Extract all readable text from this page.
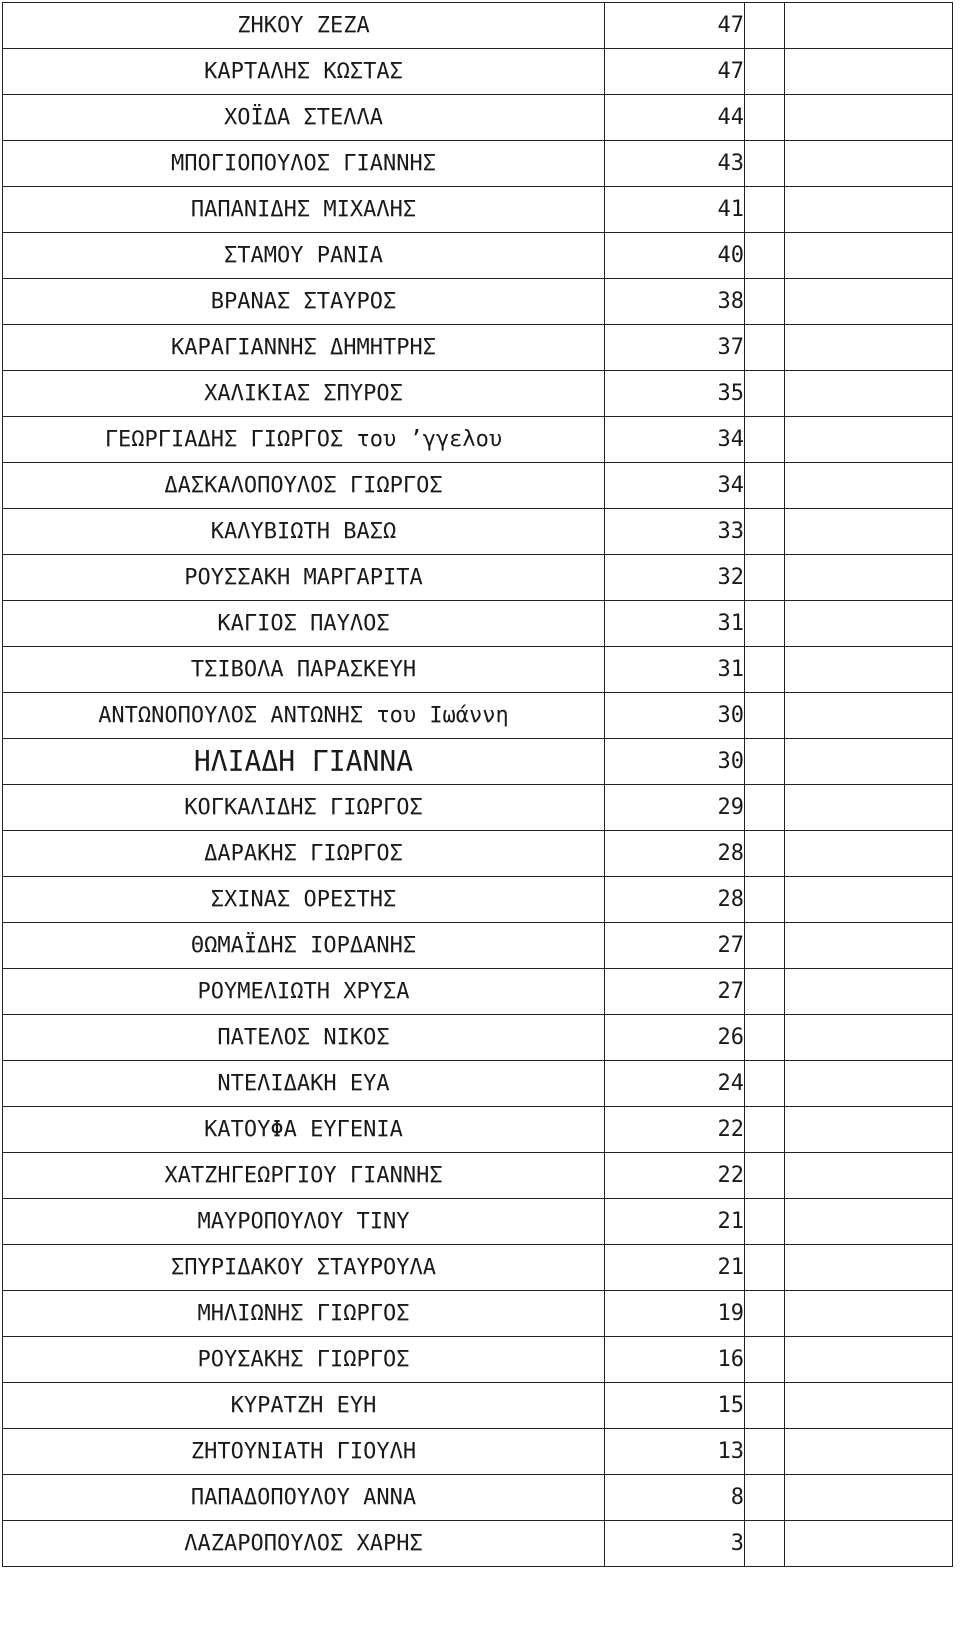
ΖΗΚΟΥ ΖΕΖΑ	47		
ΚΑΡΤΑΛΗΣ ΚΩΣΤΑΣ	47		
ΧΟΪΔΑ ΣΤΕΛΛΑ	44		
ΜΠΟΓΙΟΠΟΥΛΟΣ ΓΙΑΝΝΗΣ	43		
ΠΑΠΑΝΙΔΗΣ ΜΙΧΑΛΗΣ	41		
ΣΤΑΜΟΥ ΡΑΝΙΑ	40		
ΒΡΑΝΑΣ ΣΤΑΥΡΟΣ	38		
ΚΑΡΑΓΙΑΝΝΗΣ ΔΗΜΗΤΡΗΣ	37		
ΧΑΛΙΚΙΑΣ ΣΠΥΡΟΣ	35		
ΓΕΩΡΓΙΑΔΗΣ ΓΙΩΡΓΟΣ του ’γγελου	34		
ΔΑΣΚΑΛΟΠΟΥΛΟΣ ΓΙΩΡΓΟΣ	34		
ΚΑΛΥΒΙΩΤΗ ΒΑΣΩ	33		
ΡΟΥΣΣΑΚΗ ΜΑΡΓΑΡΙΤΑ	32		
ΚΑΓΙΟΣ ΠΑΥΛΟΣ	31		
ΤΣΙΒΟΛΑ ΠΑΡΑΣΚΕΥΗ	31		
ΑΝΤΩΝΟΠΟΥΛΟΣ ΑΝΤΩΝΗΣ του Ιωάννη	30		
ΗΛΙΑΔΗ ΓΙΑΝΝΑ	30		
ΚΟΓΚΑΛΙΔΗΣ ΓΙΩΡΓΟΣ	29		
ΔΑΡΑΚΗΣ ΓΙΩΡΓΟΣ	28		
ΣΧΙΝΑΣ ΟΡΕΣΤΗΣ	28		
ΘΩΜΑΪΔΗΣ ΙΟΡΔΑΝΗΣ	27		
ΡΟΥΜΕΛΙΩΤΗ ΧΡΥΣΑ	27		
ΠΑΤΕΛΟΣ ΝΙΚΟΣ	26		
ΝΤΕΛΙΔΑΚΗ ΕΥΑ	24		
ΚΑΤΟΥΦΑ ΕΥΓΕΝΙΑ	22		
ΧΑΤΖΗΓΕΩΡΓΙΟΥ ΓΙΑΝΝΗΣ	22		
ΜΑΥΡΟΠΟΥΛΟΥ ΤΙΝΥ	21		
ΣΠΥΡΙΔΑΚΟΥ ΣΤΑΥΡΟΥΛΑ	21		
ΜΗΛΙΩΝΗΣ ΓΙΩΡΓΟΣ	19		
ΡΟΥΣΑΚΗΣ ΓΙΩΡΓΟΣ	16		
ΚΥΡΑΤΖΗ ΕΥΗ	15		
ΖΗΤΟΥΝΙΑΤΗ ΓΙΟΥΛΗ	13		
ΠΑΠΑΔΟΠΟΥΛΟΥ ΑΝΝΑ	8		
ΛΑΖΑΡΟΠΟΥΛΟΣ ΧΑΡΗΣ	3		
